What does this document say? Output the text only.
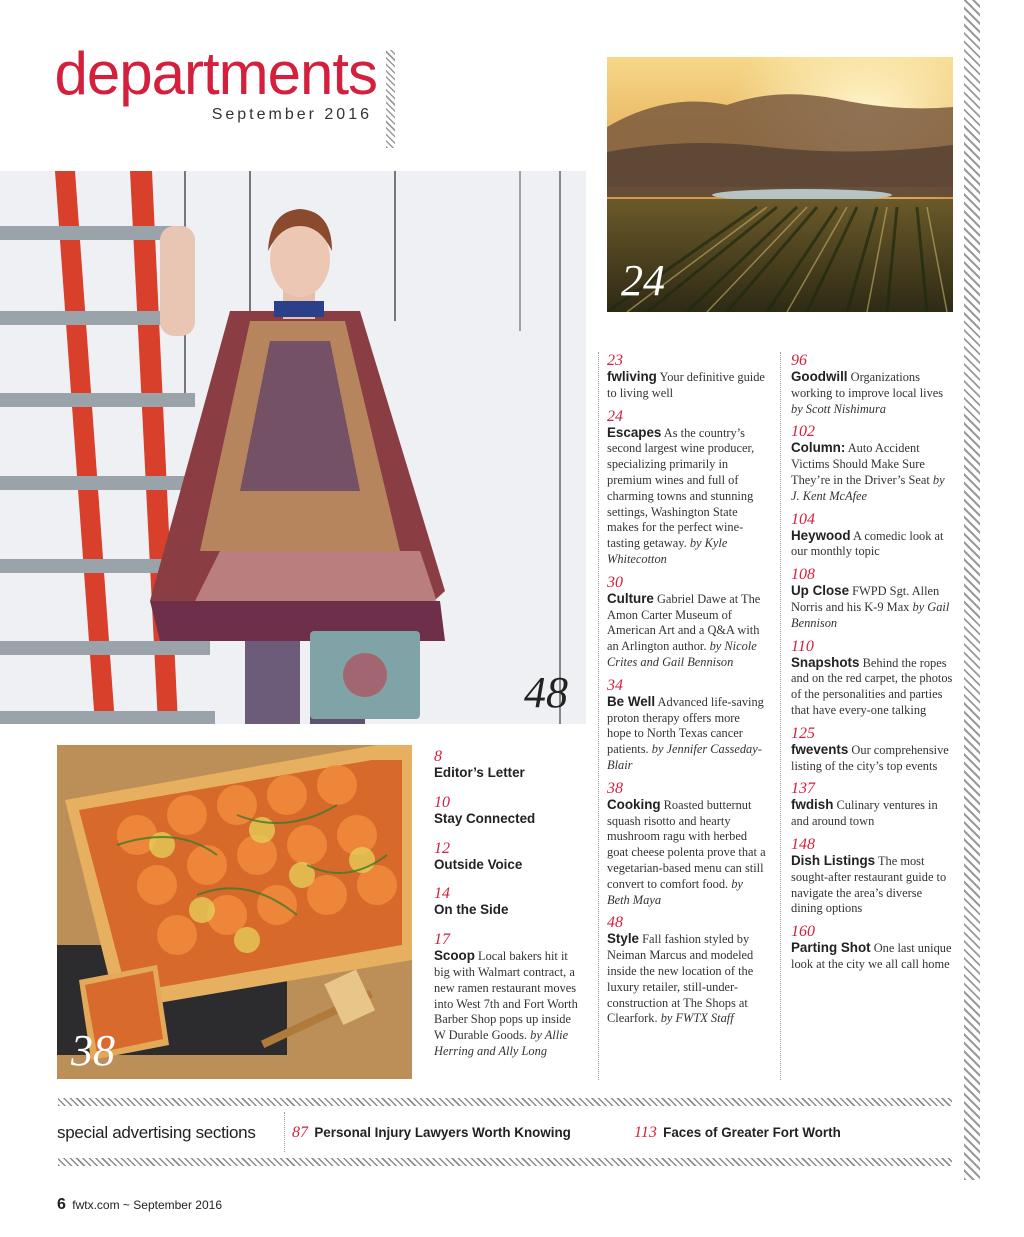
departments
September 2016
24
48
38
8
Editor’s Letter
10
Stay Connected
12
Outside Voice
14
On the Side
17
Scoop Local bakers hit it big with Walmart contract, a new ramen restaurant moves into West 7th and Fort Worth Barber Shop pops up inside W Durable Goods. by Allie Herring and Ally Long
23
fwliving Your definitive guide to living well
24
Escapes As the country’s second largest wine producer, specializing primarily in premium wines and full of charming towns and stunning settings, Washington State makes for the perfect wine-tasting getaway. by Kyle Whitecotton
30
Culture Gabriel Dawe at The Amon Carter Museum of American Art and a Q&A with an Arlington author. by Nicole Crites and Gail Bennison
34
Be Well Advanced life-saving proton therapy offers more hope to North Texas cancer patients. by Jennifer Casseday-Blair
38
Cooking Roasted butternut squash risotto and hearty mushroom ragu with herbed goat cheese polenta prove that a vegetarian-based menu can still convert to comfort food. by Beth Maya
48
Style Fall fashion styled by Neiman Marcus and modeled inside the new location of the luxury retailer, still-under-construction at The Shops at Clearfork. by FWTX Staff
96
Goodwill Organizations working to improve local lives by Scott Nishimura
102
Column: Auto Accident Victims Should Make Sure They’re in the Driver’s Seat by J. Kent McAfee
104
Heywood A comedic look at our monthly topic
108
Up Close FWPD Sgt. Allen Norris and his K-9 Max by Gail Bennison
110
Snapshots Behind the ropes and on the red carpet, the photos of the personalities and parties that have every-one talking
125
fwevents Our comprehensive listing of the city’s top events
137
fwdish Culinary ventures in and around town
148
Dish Listings The most sought-after restaurant guide to navigate the area’s diverse dining options
160
Parting Shot One last unique look at the city we all call home
special advertising sections 87 Personal Injury Lawyers Worth Knowing	113 Faces of Greater Fort Worth
6 fwtx.com ~ September 2016
